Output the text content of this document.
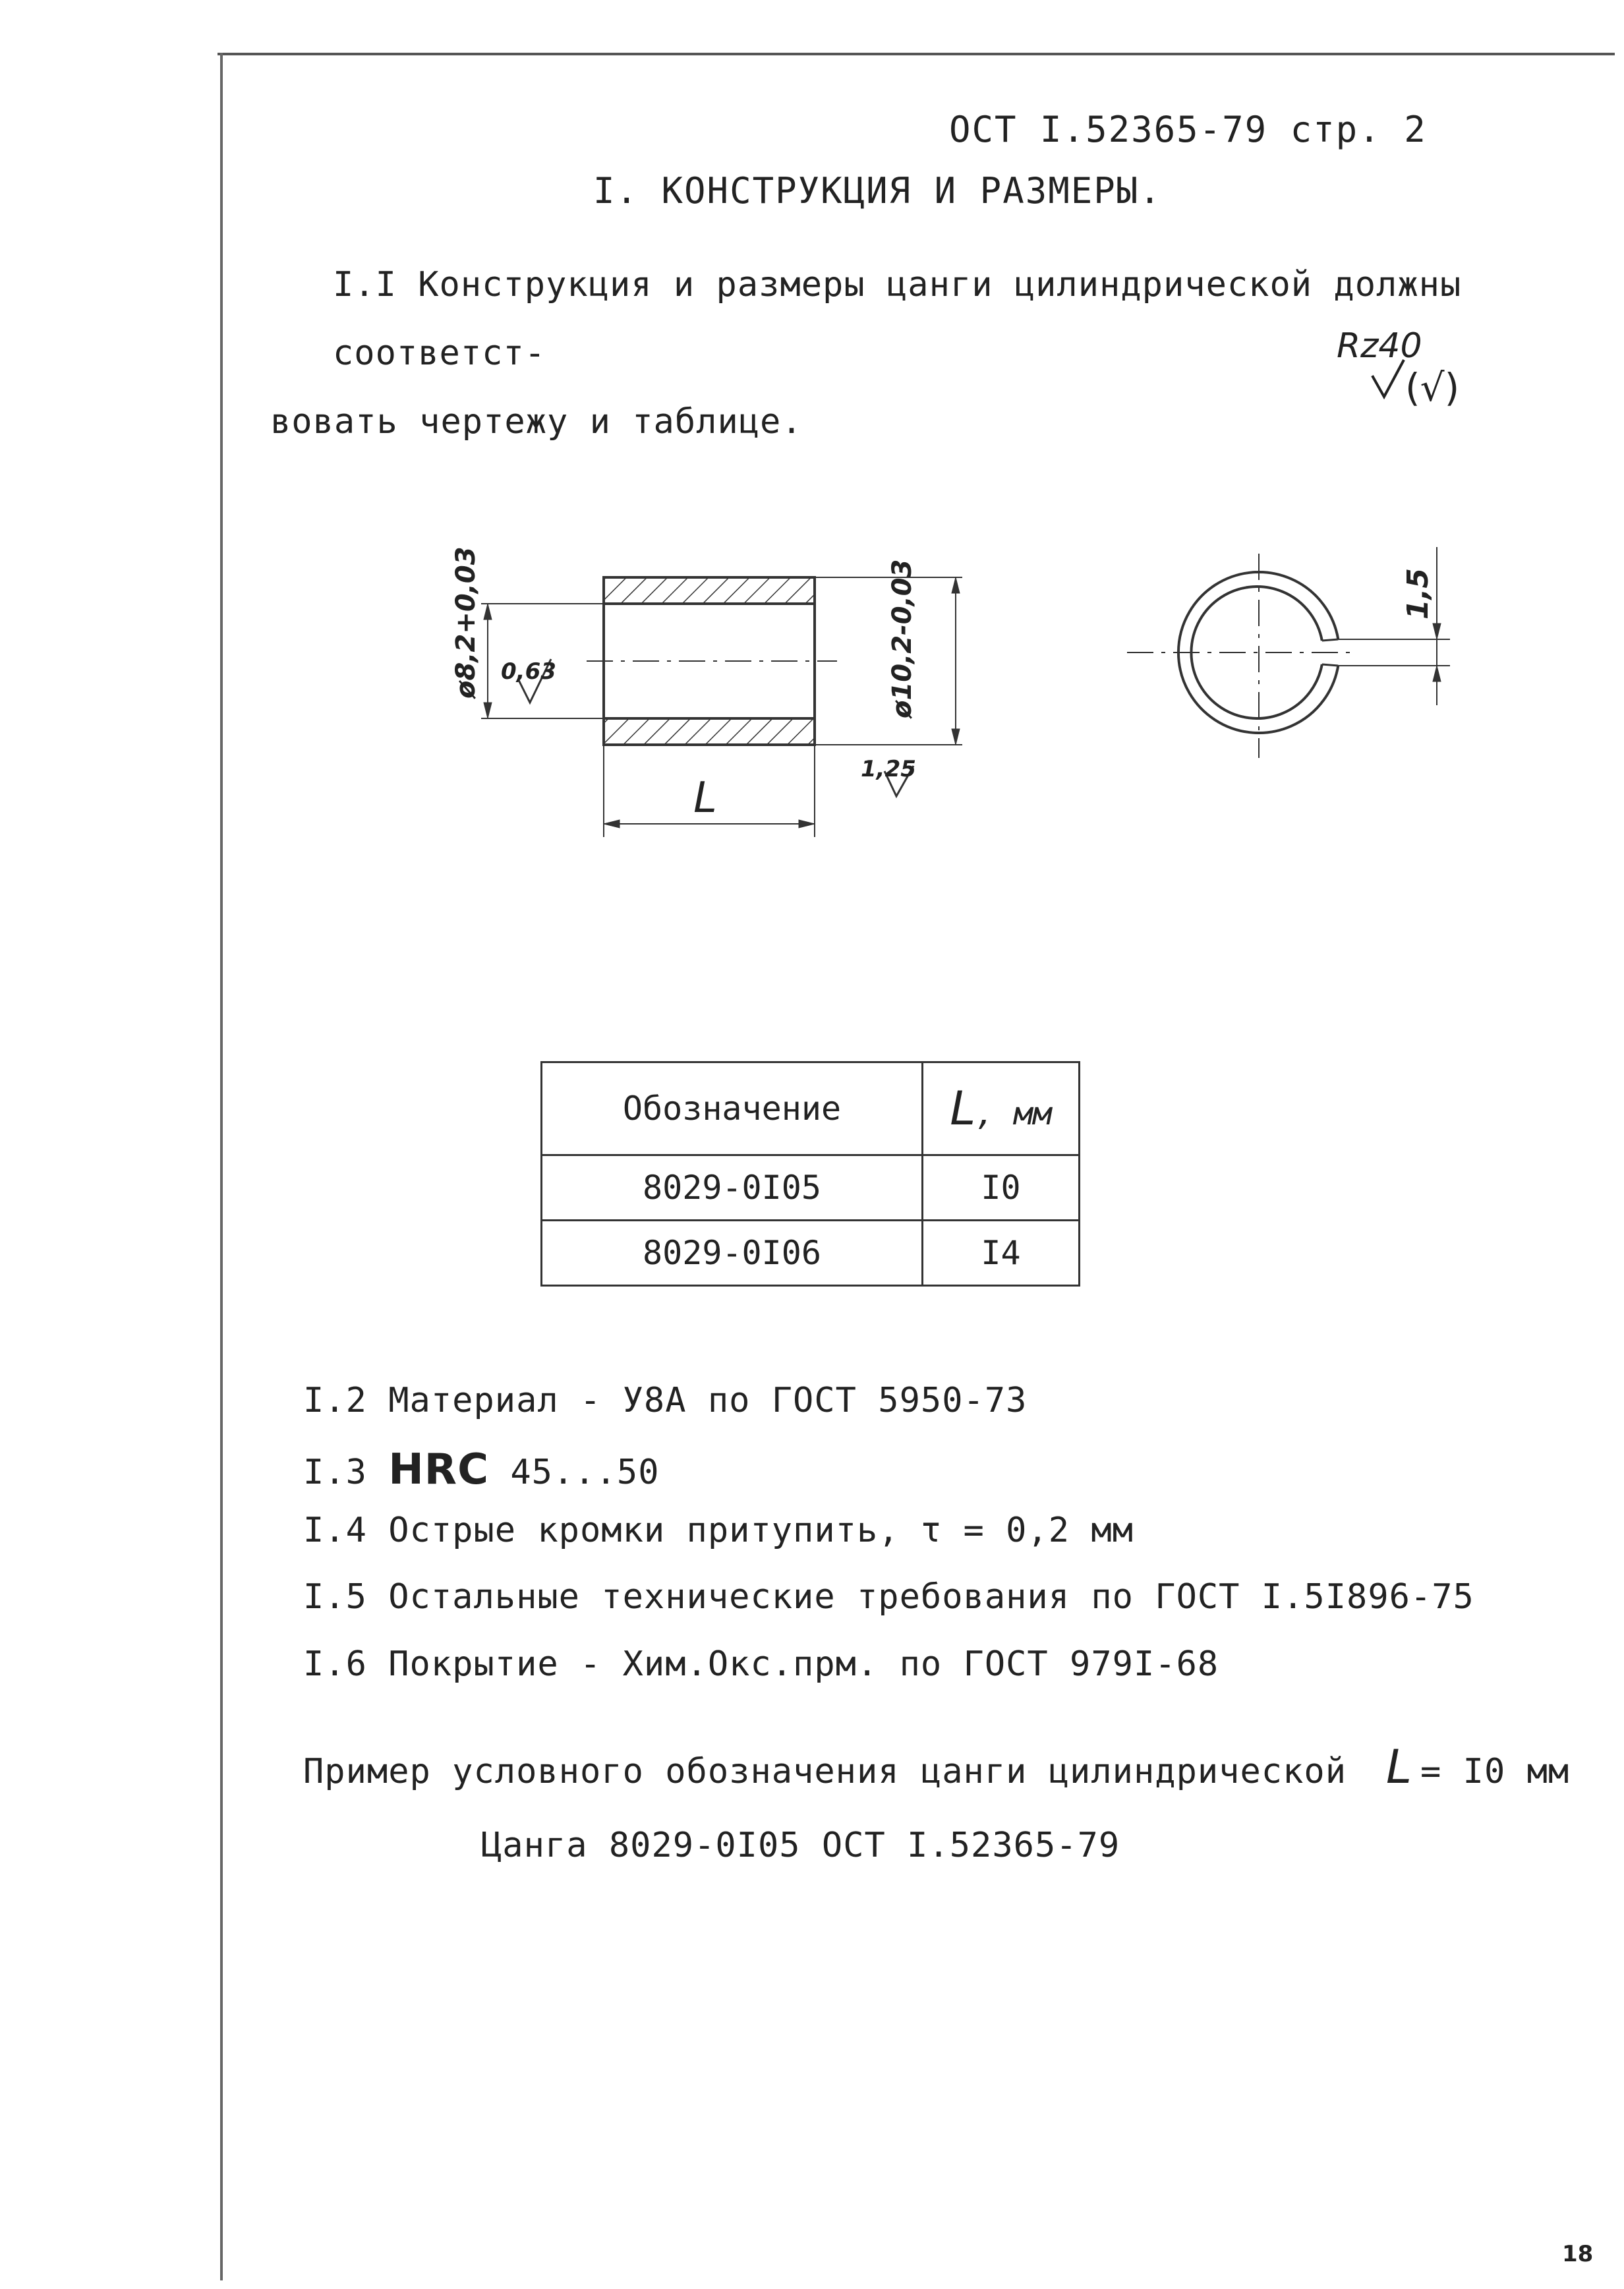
ОСТ I.52365-79 стр. 2
I. КОНСТРУКЦИЯ И РАЗМЕРЫ.
I.I Конструкция и размеры цанги цилиндрической должны соответст-
вовать чертежу и таблице.
Rz40
(√)
L
ø8,2+0,03	ø10,2-0,03
0,63
1,25
1,5
Обозначение	L, мм
8029-0I05	I0
8029-0I06	I4
I.2 Материал - У8А по ГОСТ 5950-73
I.3 HRC 45...50
I.4 Острые кромки притупить, τ = 0,2 мм
I.5 Остальные технические требования по ГОСТ I.5I896-75
I.6 Покрытие - Хим.Окс.прм. по ГОСТ 979I-68
Пример условного обозначения цанги цилиндрической L = I0 мм
Цанга 8029-0I05 ОСТ I.52365-79
18
